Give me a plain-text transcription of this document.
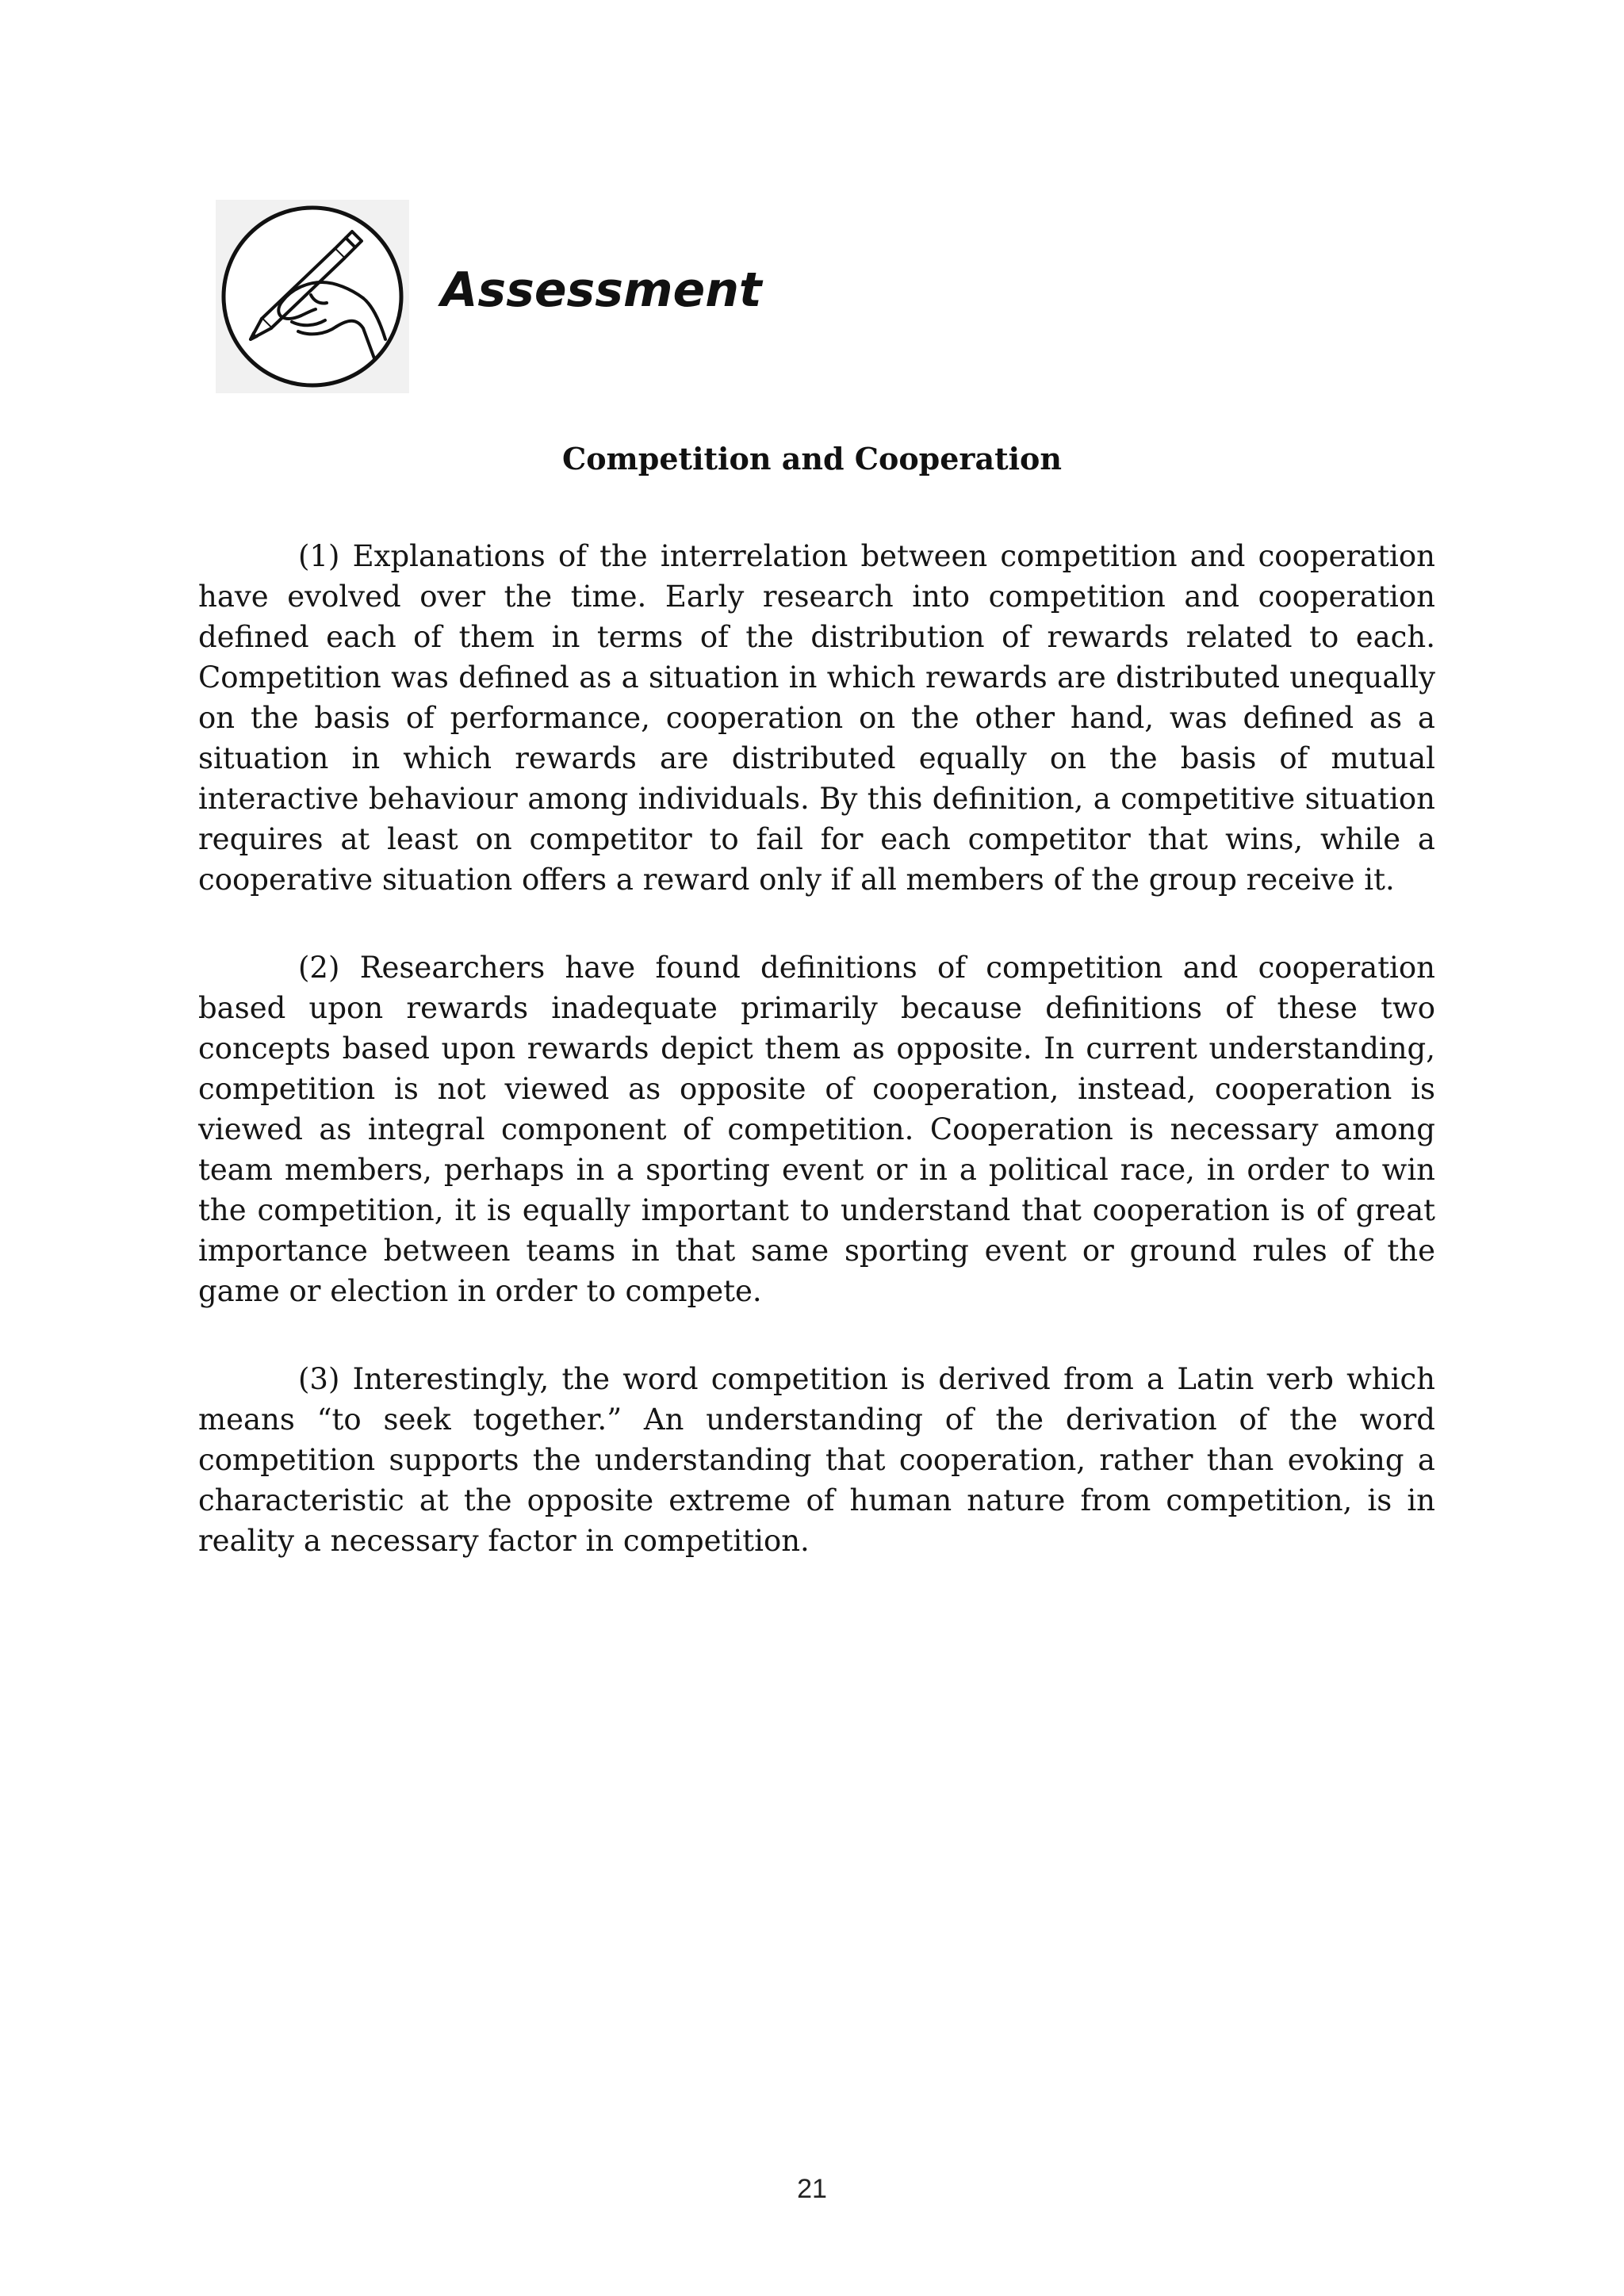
Assessment
Competition and Cooperation

(1) Explanations of the interrelation between competition and cooperation have evolved over the time. Early research into competition and cooperation defined each of them in terms of the distribution of rewards related to each. Competition was defined as a situation in which rewards are distributed unequally on the basis of performance, cooperation on the other hand, was defined as a situation in which rewards are distributed equally on the basis of mutual interactive behaviour among individuals. By this definition, a competitive situation requires at least on competitor to fail for each competitor that wins, while a cooperative situation offers a reward only if all members of the group receive it.

(2) Researchers have found definitions of competition and cooperation based upon rewards inadequate primarily because definitions of these two concepts based upon rewards depict them as opposite. In current understanding, competition is not viewed as opposite of cooperation, instead, cooperation is viewed as integral component of competition. Cooperation is necessary among team members, perhaps in a sporting event or in a political race, in order to win the competition, it is equally important to understand that cooperation is of great importance between teams in that same sporting event or ground rules of the game or election in order to compete.

(3) Interestingly, the word competition is derived from a Latin verb which means “to seek together.” An understanding of the derivation of the word competition supports the understanding that cooperation, rather than evoking a characteristic at the opposite extreme of human nature from competition, is in reality a necessary factor in competition.

21
